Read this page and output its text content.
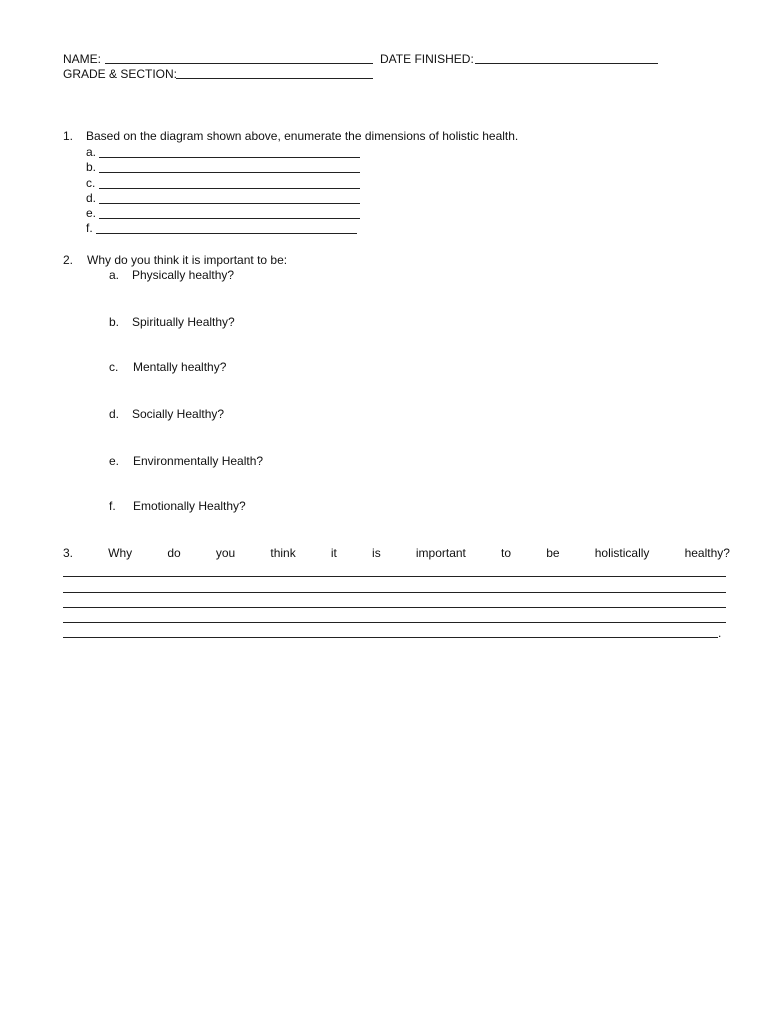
NAME:	DATE FINISHED:
GRADE & SECTION:
1. Based on the diagram shown above, enumerate the dimensions of holistic health.
a.
b.
c.
d.
e.
f.
2. Why do you think it is important to be:
a. Physically healthy?
b. Spiritually Healthy?
c. Mentally healthy?
d. Socially Healthy?
e. Environmentally Health?
f. Emotionally Healthy?
3.	Why	do	you	think	it	is	important	to	be	holistically	healthy?
.
